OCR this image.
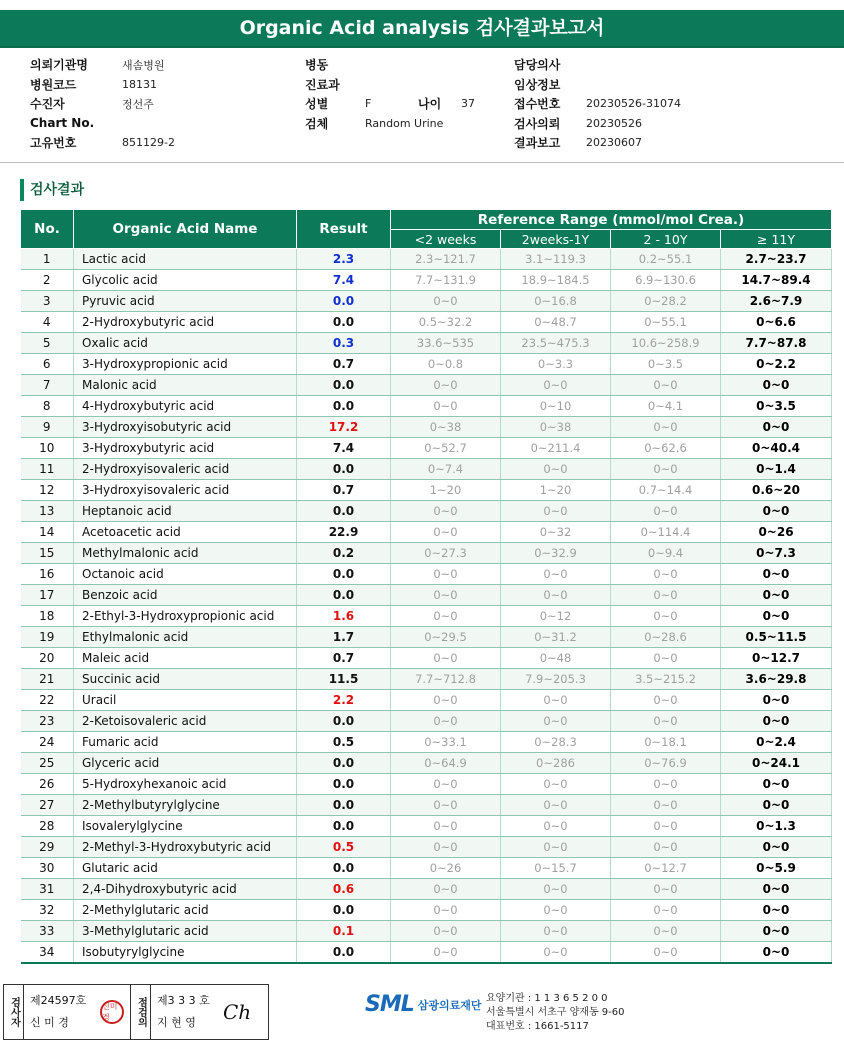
Organic Acid analysis 검사결과보고서
의뢰기관명	새솜병원
병원코드	18131
수진자	정선주
Chart No.
고유번호	851129-2
병동
진료과
성별	F	나이	37
검체	Random Urine
담당의사
임상정보
접수번호	20230526-31074
검사의뢰	20230526
결과보고	20230607
검사결과
No.	Organic Acid Name	Result	Reference Range (mmol/mol Crea.)			
			<2 weeks	2weeks-1Y	2 - 10Y	≥ 11Y
1	Lactic acid	2.3	2.3~121.7	3.1~119.3	0.2~55.1	2.7~23.7
2	Glycolic acid	7.4	7.7~131.9	18.9~184.5	6.9~130.6	14.7~89.4
3	Pyruvic acid	0.0	0~0	0~16.8	0~28.2	2.6~7.9
4	2-Hydroxybutyric acid	0.0	0.5~32.2	0~48.7	0~55.1	0~6.6
5	Oxalic acid	0.3	33.6~535	23.5~475.3	10.6~258.9	7.7~87.8
6	3-Hydroxypropionic acid	0.7	0~0.8	0~3.3	0~3.5	0~2.2
7	Malonic acid	0.0	0~0	0~0	0~0	0~0
8	4-Hydroxybutyric acid	0.0	0~0	0~10	0~4.1	0~3.5
9	3-Hydroxyisobutyric acid	17.2	0~38	0~38	0~0	0~0
10	3-Hydroxybutyric acid	7.4	0~52.7	0~211.4	0~62.6	0~40.4
11	2-Hydroxyisovaleric acid	0.0	0~7.4	0~0	0~0	0~1.4
12	3-Hydroxyisovaleric acid	0.7	1~20	1~20	0.7~14.4	0.6~20
13	Heptanoic acid	0.0	0~0	0~0	0~0	0~0
14	Acetoacetic acid	22.9	0~0	0~32	0~114.4	0~26
15	Methylmalonic acid	0.2	0~27.3	0~32.9	0~9.4	0~7.3
16	Octanoic acid	0.0	0~0	0~0	0~0	0~0
17	Benzoic acid	0.0	0~0	0~0	0~0	0~0
18	2-Ethyl-3-Hydroxypropionic acid	1.6	0~0	0~12	0~0	0~0
19	Ethylmalonic acid	1.7	0~29.5	0~31.2	0~28.6	0.5~11.5
20	Maleic acid	0.7	0~0	0~48	0~0	0~12.7
21	Succinic acid	11.5	7.7~712.8	7.9~205.3	3.5~215.2	3.6~29.8
22	Uracil	2.2	0~0	0~0	0~0	0~0
23	2-Ketoisovaleric acid	0.0	0~0	0~0	0~0	0~0
24	Fumaric acid	0.5	0~33.1	0~28.3	0~18.1	0~2.4
25	Glyceric acid	0.0	0~64.9	0~286	0~76.9	0~24.1
26	5-Hydroxyhexanoic acid	0.0	0~0	0~0	0~0	0~0
27	2-Methylbutyrylglycine	0.0	0~0	0~0	0~0	0~0
28	Isovalerylglycine	0.0	0~0	0~0	0~0	0~1.3
29	2-Methyl-3-Hydroxybutyric acid	0.5	0~0	0~0	0~0	0~0
30	Glutaric acid	0.0	0~26	0~15.7	0~12.7	0~5.9
31	2,4-Dihydroxybutyric acid	0.6	0~0	0~0	0~0	0~0
32	2-Methylglutaric acid	0.0	0~0	0~0	0~0	0~0
33	3-Methylglutaric acid	0.1	0~0	0~0	0~0	0~0
34	Isobutyrylglycine	0.0	0~0	0~0	0~0	0~0
검사자 제24597호
신 미 경
신미경	점검의 제3 3 3 호
지 현 영	Ch	SML 삼광의료재단 요양기관 : 1 1 3 6 5 2 0 0
서울특별시 서초구 양재동 9-60
대표번호 : 1661-5117
